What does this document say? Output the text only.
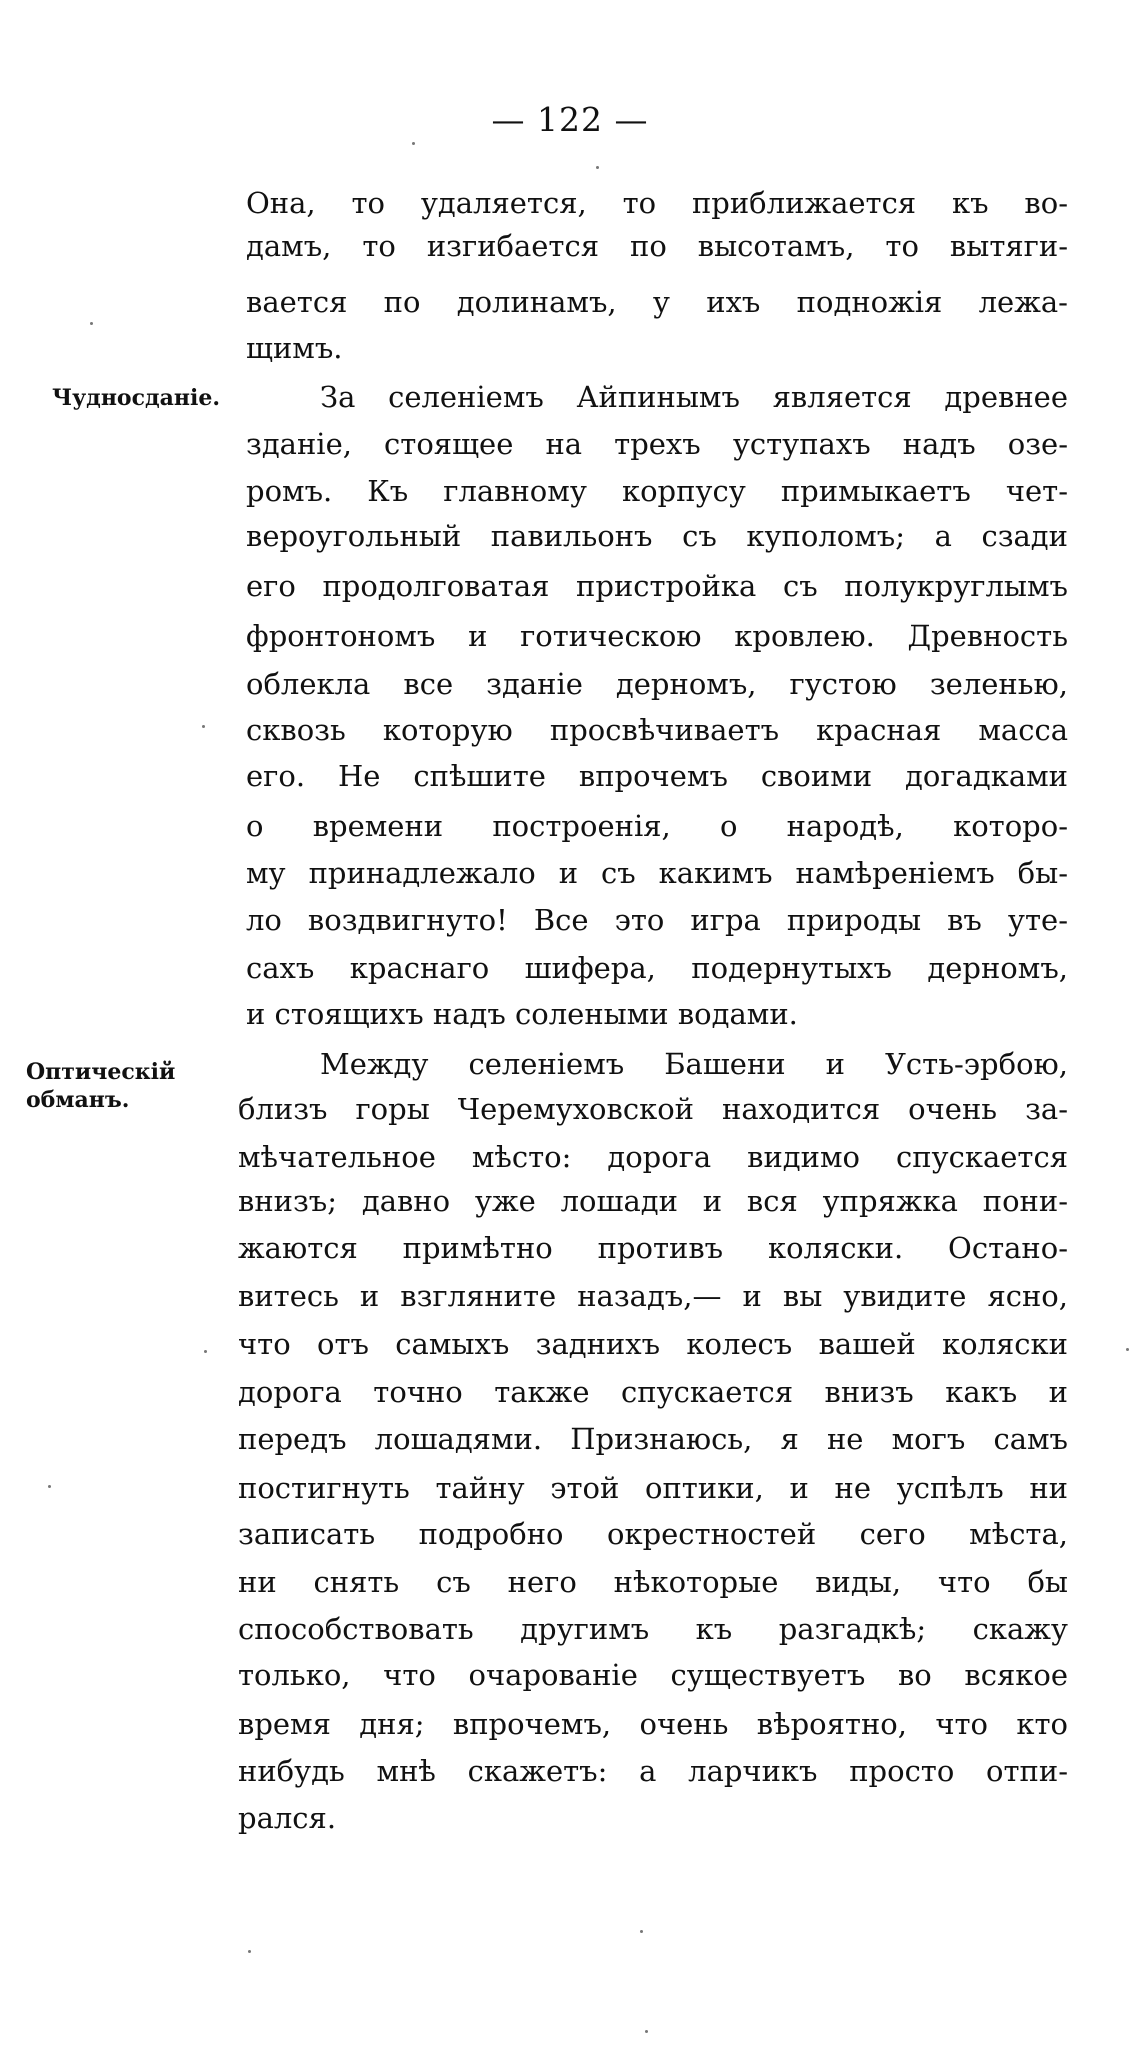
— 122 —
Она, то удаляется, то приближается къ во-
дамъ, то изгибается по высотамъ, то вытяги-
вается по долинамъ, у ихъ подножія лежа-
щимъ.
Чудносданіе.	За селеніемъ Айпинымъ является древнее
зданіе, стоящее на трехъ уступахъ надъ озе-
ромъ. Къ главному корпусу примыкаетъ чет-
вероугольный павильонъ съ куполомъ; а сзади
его продолговатая пристройка съ полукруглымъ
фронтономъ и готическою кровлею. Древность
облекла все зданіе дерномъ, густою зеленью,
сквозь которую просвѣчиваетъ красная масса
его. Не спѣшите впрочемъ своими догадками
о времени построенія, о народѣ, которо-
му принадлежало и съ какимъ намѣреніемъ бы-
ло воздвигнуто! Все это игра природы въ утe-
сахъ краснаго шифера, подернутыхъ дерномъ,
и стоящихъ надъ солеными водами.
Оптическій
обманъ.
Между селеніемъ Башени и Усть-эрбою,
близъ горы Черемуховской находится очень за-
мѣчательное мѣсто: дорога видимо спускается
внизъ; давно уже лошади и вся упряжка пони-
жаются примѣтно противъ коляски. Остано-
витесь и взгляните назадъ,— и вы увидите ясно,
что отъ самыхъ заднихъ колесъ вашей коляски
дорога точно также спускается внизъ какъ и
передъ лошадями. Признаюсь, я не могъ самъ
постигнуть тайну этой оптики, и не успѣлъ ни
записать подробно окрестностей сего мѣста,
ни снять съ него нѣкоторые виды, что бы
способствовать другимъ къ разгадкѣ; скажу
только, что очарованіе существуетъ во всякое
время дня; впрочемъ, очень вѣроятно, что кто
нибудь мнѣ скажетъ: а ларчикъ просто отпи-
рался.
